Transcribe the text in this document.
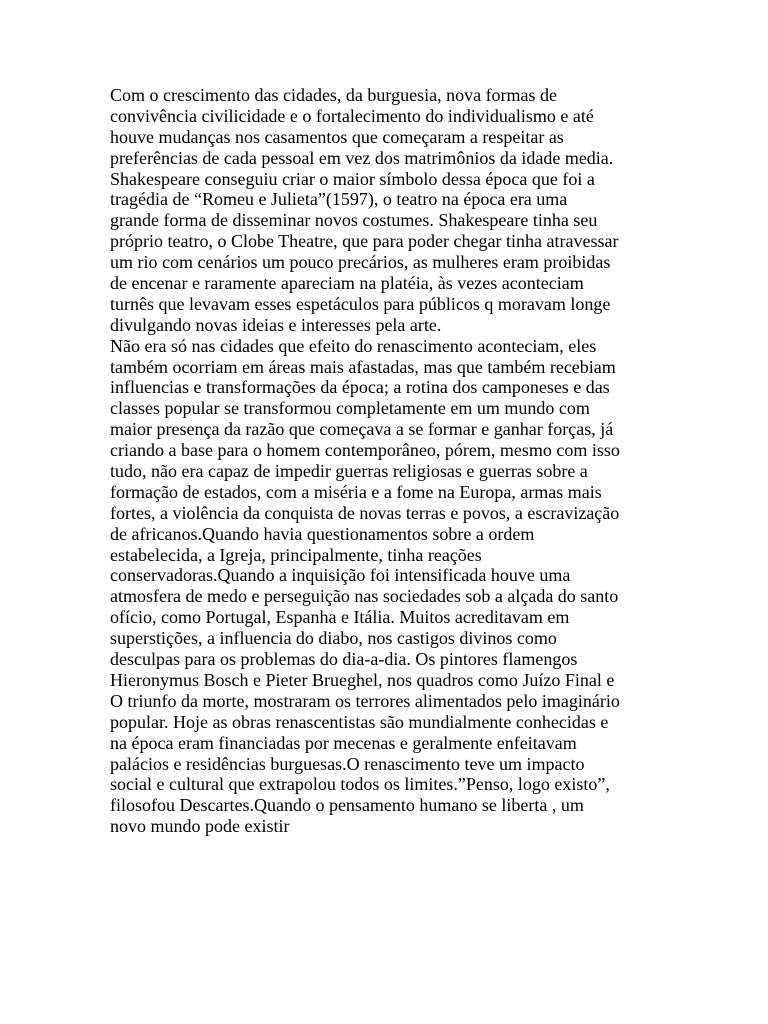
Com o crescimento das cidades, da burguesia, nova formas de
convivência civilicidade e o fortalecimento do individualismo e até
houve mudanças nos casamentos que começaram a respeitar as
preferências de cada pessoal em vez dos matrimônios da idade media.
Shakespeare conseguiu criar o maior símbolo dessa época que foi a
tragédia de “Romeu e Julieta”(1597), o teatro na época era uma
grande forma de disseminar novos costumes. Shakespeare tinha seu
próprio teatro, o Clobe Theatre, que para poder chegar tinha atravessar
um rio com cenários um pouco precários, as mulheres eram proibidas
de encenar e raramente apareciam na platéia, às vezes aconteciam
turnês que levavam esses espetáculos para públicos q moravam longe
divulgando novas ideias e interesses pela arte.
Não era só nas cidades que efeito do renascimento aconteciam, eles
também ocorriam em áreas mais afastadas, mas que também recebiam
influencias e transformações da época; a rotina dos camponeses e das
classes popular se transformou completamente em um mundo com
maior presença da razão que começava a se formar e ganhar forças, já
criando a base para o homem contemporâneo, pórem, mesmo com isso
tudo, não era capaz de impedir guerras religiosas e guerras sobre a
formação de estados, com a miséria e a fome na Europa, armas mais
fortes, a violência da conquista de novas terras e povos, a escravização
de africanos.Quando havia questionamentos sobre a ordem
estabelecida, a Igreja, principalmente, tinha reações
conservadoras.Quando a inquisição foi intensificada houve uma
atmosfera de medo e perseguição nas sociedades sob a alçada do santo
ofício, como Portugal, Espanha e Itália. Muitos acreditavam em
superstições, a influencia do diabo, nos castigos divinos como
desculpas para os problemas do dia-a-dia. Os pintores flamengos
Hieronymus Bosch e Pieter Brueghel, nos quadros como Juízo Final e
O triunfo da morte, mostraram os terrores alimentados pelo imaginário
popular. Hoje as obras renascentistas são mundialmente conhecidas e
na época eram financiadas por mecenas e geralmente enfeitavam
palácios e residências burguesas.O renascimento teve um impacto
social e cultural que extrapolou todos os limites.”Penso, logo existo”,
filosofou Descartes.Quando o pensamento humano se liberta , um
novo mundo pode existir
